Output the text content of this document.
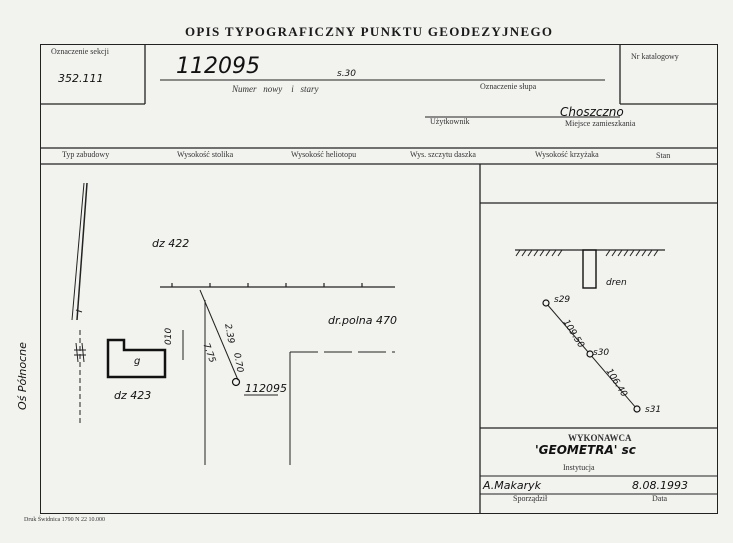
OPIS TYPOGRAFICZNY PUNKTU GEODEZYJNEGO
Oznaczenie sekcji
352.111	112095	s.30
Numer nowy i stary	Oznaczenie słupa
Nr katalogowy
Choszczno
Użytkownik	Miejsce zamieszkania
Typ zabudowy	Wysokość stolika	Wysokość heliotopu	Wys. szczytu daszka	Wysokość krzyżaka	Stan
dz 422
dz 423
dr.polna 470
Oś Północne	g
010
7.75
2.39
0.70
112095
dren
s29
s30
s31
109.50
106.40
WYKONAWCA
'GEOMETRA' sc
Instytucja
A.Makaryk	8.08.1993
Sporządził	Data
Druk Świdnica 1790 N 22 10.000
